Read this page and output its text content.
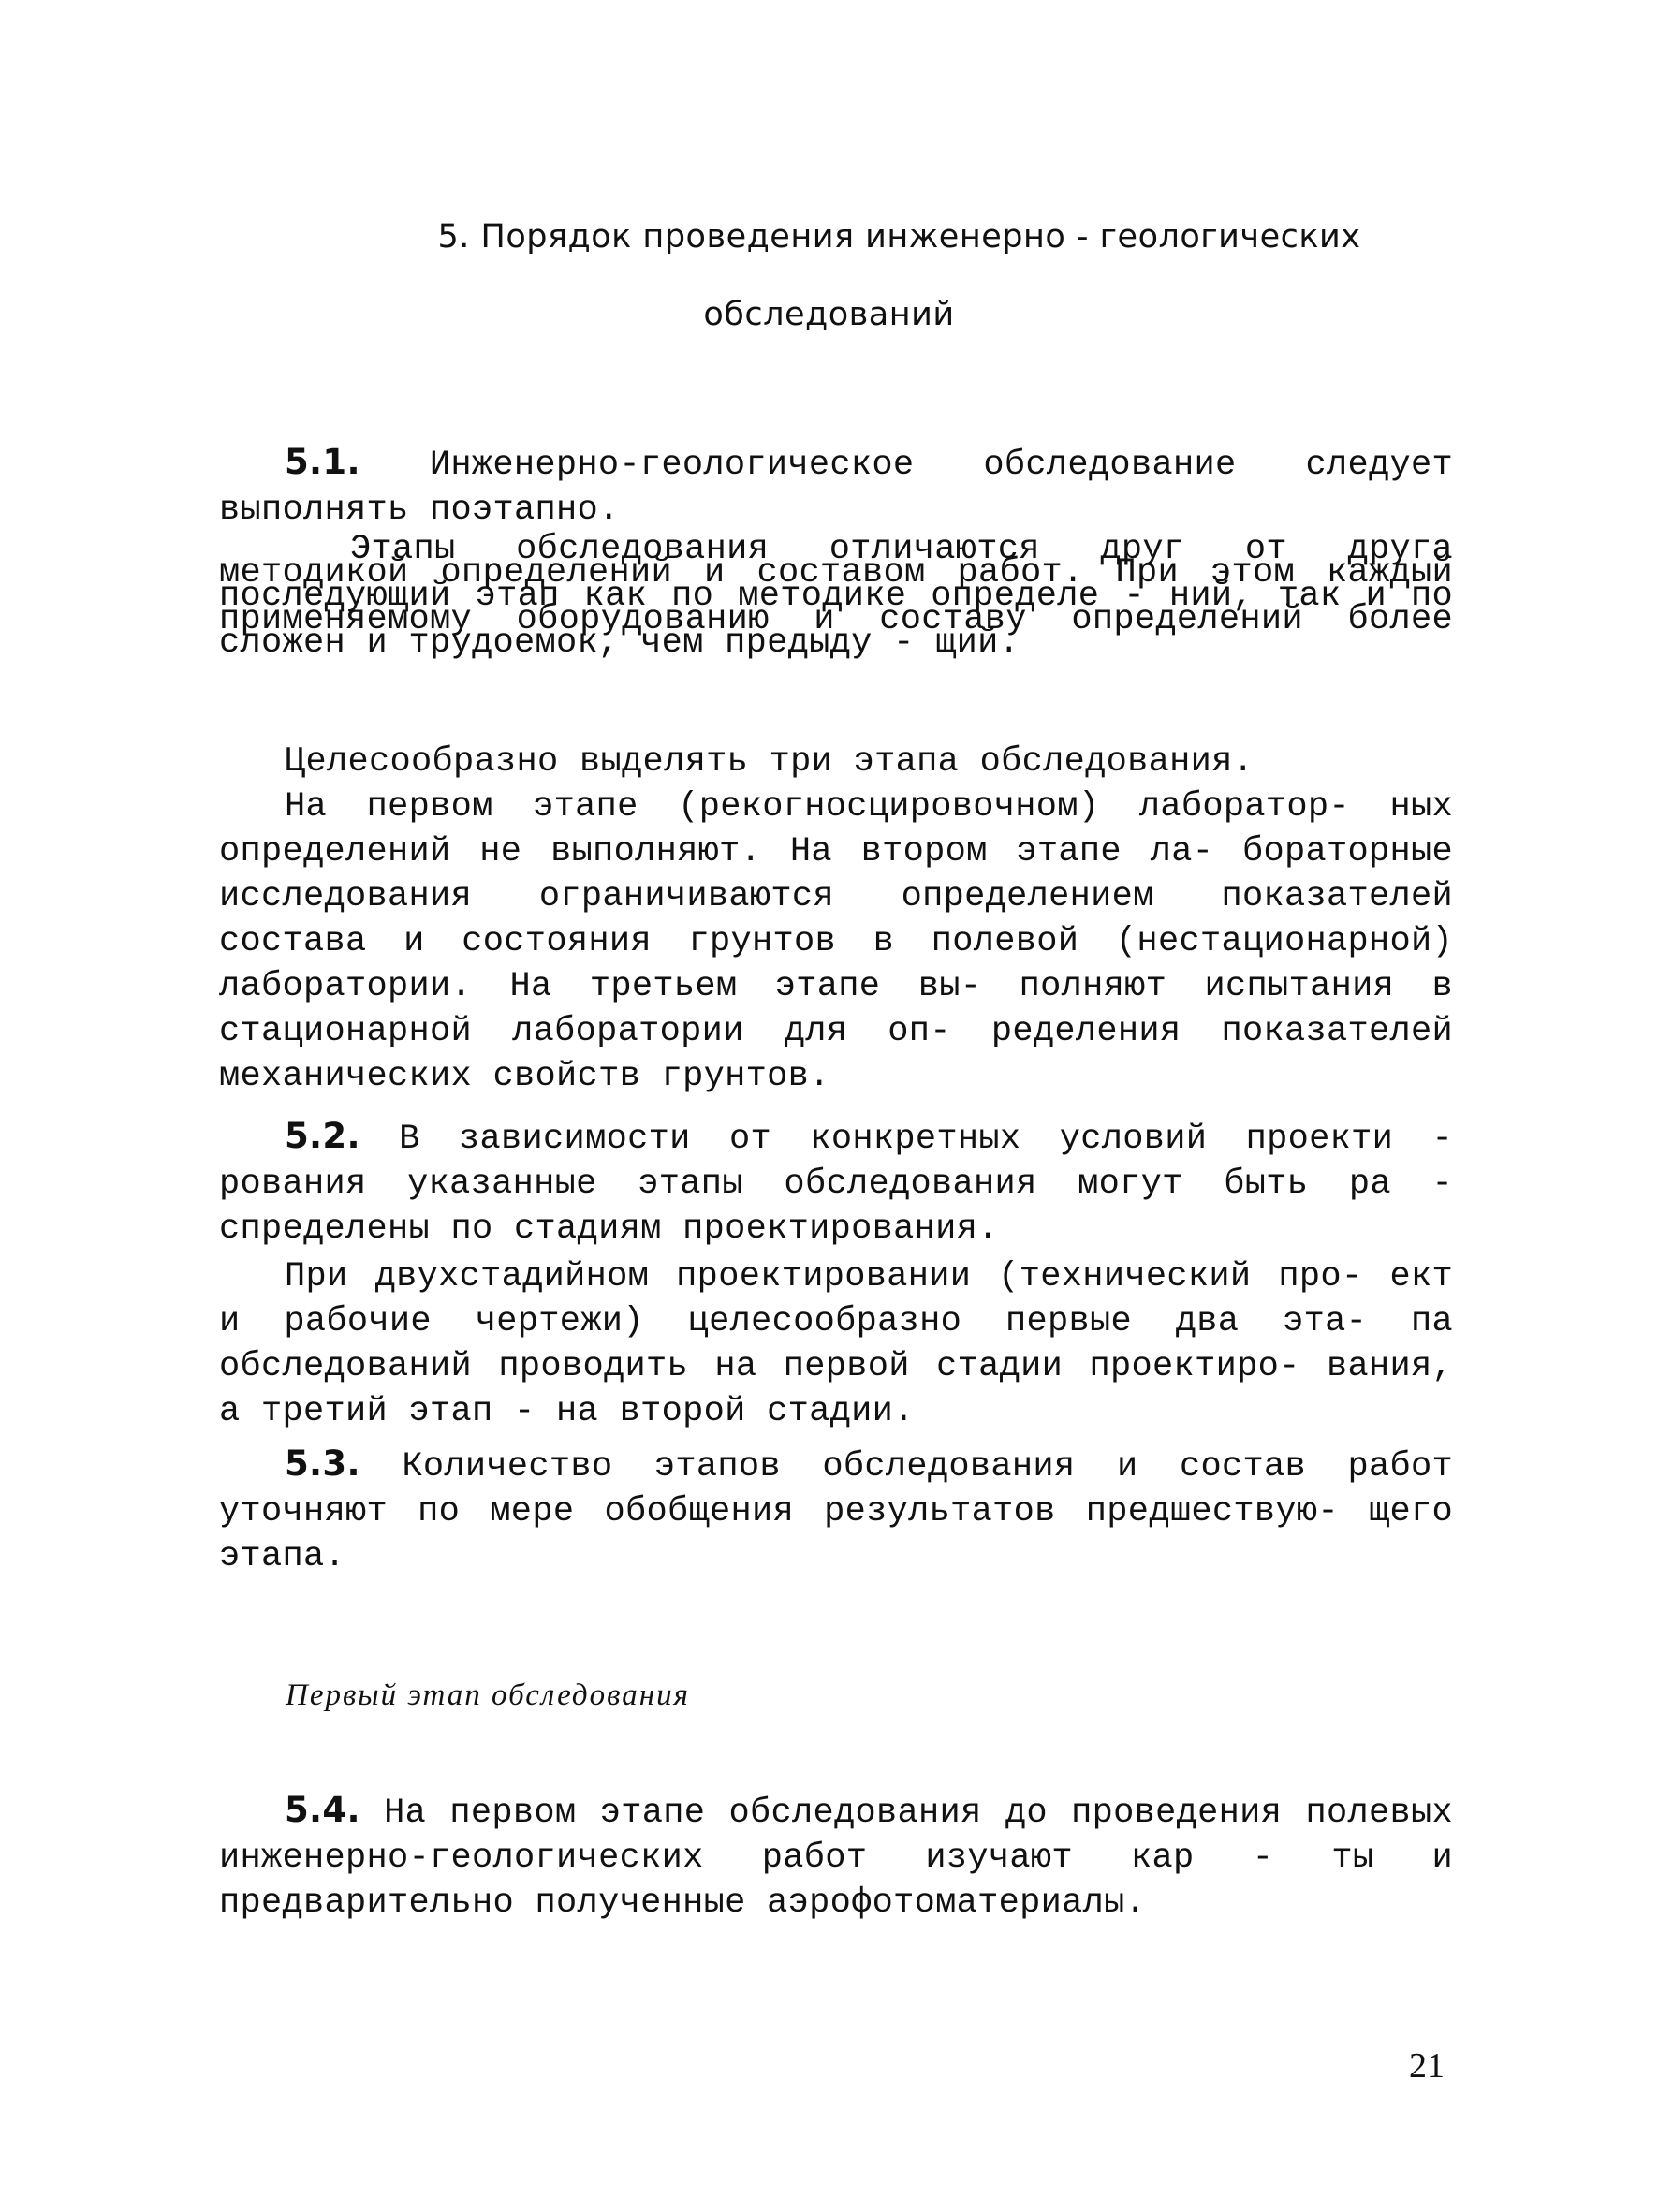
5. Порядок проведения инженерно - геологических
обследований
5.1. Инженерно-геологическое обследование следует выполнять поэтапно.
Этапы обследования отличаются друг от друга методикой определений и составом работ. При этом каждый последующий этап как по методике определе - ний, так и по применяемому оборудованию и составу определений более сложен и трудоемок, чем предыду - щий.
Целесообразно выделять три этапа обследования.
На первом этапе (рекогносцировочном) лаборатор- ных определений не выполняют. На втором этапе ла- бораторные исследования ограничиваются определением показателей состава и состояния грунтов в полевой (нестационарной) лаборатории. На третьем этапе вы- полняют испытания в стационарной лаборатории для оп- ределения показателей механических свойств грунтов.
5.2. В зависимости от конкретных условий проекти - рования указанные этапы обследования могут быть ра - спределены по стадиям проектирования.
При двухстадийном проектировании (технический про- ект и рабочие чертежи) целесообразно первые два эта- па обследований проводить на первой стадии проектиро- вания, а третий этап - на второй стадии.
5.3. Количество этапов обследования и состав работ уточняют по мере обобщения результатов предшествую- щего этапа.
Первый этап обследования
5.4. На первом этапе обследования до проведения полевых инженерно-геологических работ изучают кар - ты и предварительно полученные аэрофотоматериалы.
21
